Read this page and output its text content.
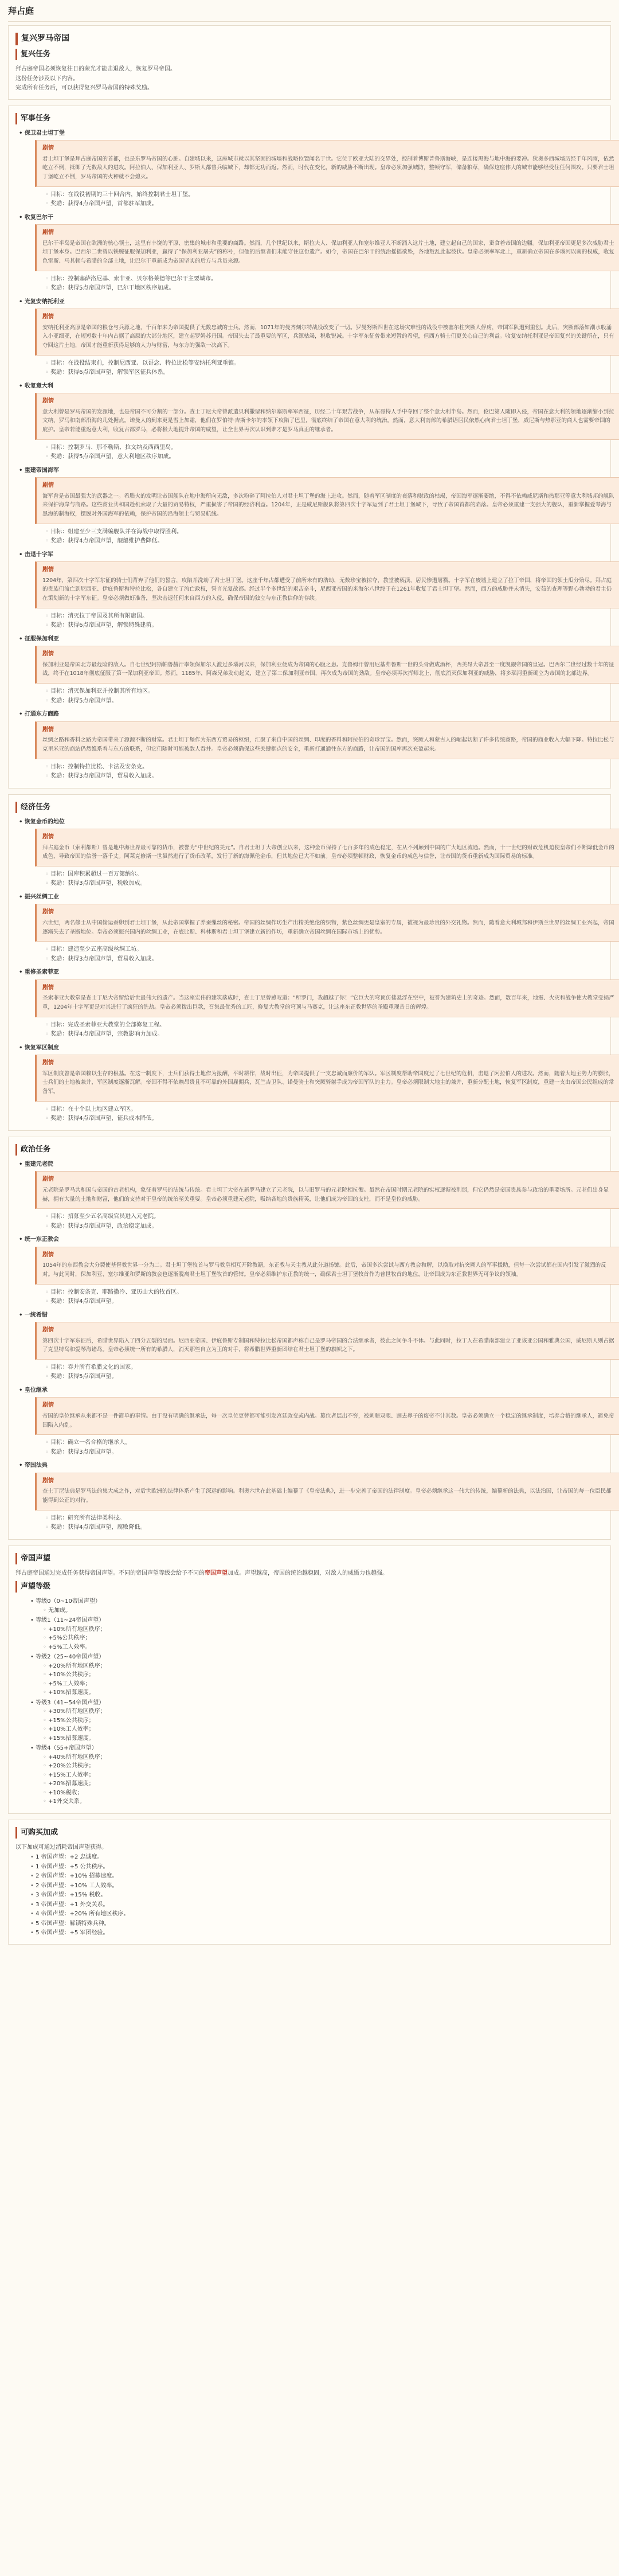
拜占庭
复兴罗马帝国
复兴任务

拜占庭帝国必须恢复往日的荣光才能击退敌人，恢复罗马帝国。

这份任务涉及以下内容。

完成所有任务后，可以获得复兴罗马帝国的特殊奖励。

军事任务
• 保卫君士坦丁堡
剧情
君士坦丁堡是拜占庭帝国的首都，也是东罗马帝国的心脏。自建城以来，这座城市就以其坚固的城墙和战略位置闻名于世。它位于欧亚大陆的交界处，控制着博斯普鲁斯海峡，是连接黑海与地中海的要冲。狄奥多西城墙历经千年风雨，依然屹立不倒，抵御了无数敌人的进攻。阿拉伯人、保加利亚人、罗斯人都曾兵临城下，却都无功而返。然而，时代在变化，新的威胁不断出现。皇帝必须加强城防，整顿守军，储备粮草，确保这座伟大的城市能够经受住任何围攻。只要君士坦丁堡屹立不倒，罗马帝国的火种就不会熄灭。
◦ 目标：在战役初期的三十回合内，始终控制君士坦丁堡。
◦ 奖励：获得4点帝国声望，首都驻军加成。
• 收复巴尔干
剧情
巴尔干半岛是帝国在欧洲的核心领土，这里有丰饶的平原、密集的城市和重要的商路。然而，几个世纪以来，斯拉夫人、保加利亚人和塞尔维亚人不断涌入这片土地，建立起自己的国家，蚕食着帝国的边疆。保加利亚帝国更是多次威胁君士坦丁堡本身。巴西尔二世曾以铁腕征服保加利亚，赢得了“保加利亚屠夫”的称号，但他的后继者们未能守住这份遗产。如今，帝国在巴尔干的统治摇摇欲坠，各地叛乱此起彼伏。皇帝必须率军北上，重新确立帝国在多瑙河以南的权威，收复色雷斯、马其顿与希腊的全部土地，让巴尔干重新成为帝国坚实的后方与兵员来源。
◦ 目标：控制塞萨洛尼基、索非亚、贝尔格莱德等巴尔干主要城市。
◦ 奖励：获得5点帝国声望，巴尔干地区秩序加成。
• 光复安纳托利亚
剧情
安纳托利亚高原是帝国的粮仓与兵源之地，千百年来为帝国提供了无数忠诚的士兵。然而，1071年的曼齐刻尔特战役改变了一切。罗曼努斯四世在这场灾难性的战役中被塞尔柱突厥人俘虏，帝国军队遭到重创。此后，突厥部落如潮水般涌入小亚细亚，在短短数十年内占据了高原的大部分地区，建立起罗姆苏丹国。帝国失去了最重要的军区，兵源枯竭，税收锐减。十字军东征曾带来短暂的希望，但西方骑士们更关心自己的利益。收复安纳托利亚是帝国复兴的关键所在，只有夺回这片土地，帝国才能重新获得足够的人力与财富，与东方的强敌一决高下。
◦ 目标：在战役结束前，控制尼西亚、以哥念、特拉比松等安纳托利亚重镇。
◦ 奖励：获得6点帝国声望，解锁军区征兵体系。
• 收复意大利
剧情
意大利曾是罗马帝国的发源地，也是帝国不可分割的一部分。查士丁尼大帝曾派遣贝利撒留和纳尔塞斯率军西征，历经二十年艰苦战争，从东哥特人手中夺回了整个意大利半岛。然而，伦巴第人随即入侵，帝国在意大利的领地逐渐缩小到拉文纳、罗马和南部沿海的几处据点。诺曼人的到来更是雪上加霜，他们在罗伯特·吉斯卡尔的率领下攻陷了巴里，彻底终结了帝国在意大利的统治。然而，意大利南部的希腊语居民依然心向君士坦丁堡，威尼斯与热那亚的商人也需要帝国的庇护。皇帝若能重返意大利，收复古都罗马，必将极大地提升帝国的威望，让全世界再次认识到谁才是罗马真正的继承者。
◦ 目标：控制罗马、那不勒斯、拉文纳及西西里岛。
◦ 奖励：获得5点帝国声望，意大利地区秩序加成。
• 重建帝国海军
剧情
海军曾是帝国最强大的武器之一。希腊火的发明让帝国舰队在地中海所向无敌，多次粉碎了阿拉伯人对君士坦丁堡的海上进攻。然而，随着军区制度的衰落和财政的枯竭，帝国海军逐渐萎缩，不得不依赖威尼斯和热那亚等意大利城邦的舰队来保护海岸与商路。这些商业共和国趁机索取了大量的贸易特权，严重损害了帝国的经济利益。1204年，正是威尼斯舰队将第四次十字军运到了君士坦丁堡城下，导致了帝国首都的陷落。皇帝必须重建一支强大的舰队，重新掌握爱琴海与黑海的制海权，摆脱对外国海军的依赖，保护帝国的沿海领土与贸易航线。
◦ 目标：组建至少三支满编舰队并在海战中取得胜利。
◦ 奖励：获得4点帝国声望，舰船维护费降低。
• 击退十字军
剧情
1204年，第四次十字军东征的骑士们背弃了他们的誓言，攻陷并洗劫了君士坦丁堡。这座千年古都遭受了前所未有的浩劫，无数珍宝被掠夺，教堂被亵渎，居民惨遭屠戮。十字军在废墟上建立了拉丁帝国，将帝国的领土瓜分殆尽。拜占庭的贵族们流亡到尼西亚、伊庇鲁斯和特拉比松，各自建立了流亡政权，誓言光复故都。经过半个多世纪的艰苦奋斗，尼西亚帝国的米海尔八世终于在1261年收复了君士坦丁堡。然而，西方的威胁并未消失，安茹的查理等野心勃勃的君主仍在策划新的十字军东征。皇帝必须做好准备，坚决击退任何来自西方的入侵，确保帝国的独立与东正教信仰的存续。
◦ 目标：消灭拉丁帝国及其所有附庸国。
◦ 奖励：获得6点帝国声望，解锁特殊建筑。
• 征服保加利亚
剧情
保加利亚是帝国北方最危险的敌人。自七世纪阿斯帕鲁赫汗率领保加尔人渡过多瑙河以来，保加利亚便成为帝国的心腹之患。克鲁姆汗曾用尼基弗鲁斯一世的头骨做成酒杯，西美昂大帝甚至一度觊觎帝国的皇冠。巴西尔二世经过数十年的征战，终于在1018年彻底征服了第一保加利亚帝国。然而，1185年，阿森兄弟发动起义，建立了第二保加利亚帝国，再次成为帝国的劲敌。皇帝必须再次挥师北上，彻底消灭保加利亚的威胁，将多瑙河重新确立为帝国的北部边界。
◦ 目标：消灭保加利亚并控制其所有地区。
◦ 奖励：获得5点帝国声望。
• 打通东方商路
剧情
丝绸之路和香料之路为帝国带来了源源不断的财富。君士坦丁堡作为东西方贸易的枢纽，汇聚了来自中国的丝绸、印度的香料和阿拉伯的奇珍异宝。然而，突厥人和蒙古人的崛起切断了许多传统商路，帝国的商业收入大幅下降。特拉比松与克里米亚的商站仍然维系着与东方的联系，但它们随时可能被敌人吞并。皇帝必须确保这些关键据点的安全，重新打通通往东方的商路，让帝国的国库再次充盈起来。
◦ 目标：控制特拉比松、卡法及安条克。
◦ 奖励：获得3点帝国声望，贸易收入加成。
经济任务
• 恢复金币的地位
剧情
拜占庭金币（索利都斯）曾是地中海世界最可靠的货币，被誉为“中世纪的美元”。自君士坦丁大帝创立以来，这种金币保持了七百多年的成色稳定，在从不列颠到中国的广大地区流通。然而，十一世纪的财政危机迫使皇帝们不断降低金币的成色，导致帝国的信誉一落千丈。阿莱克修斯一世虽然进行了货币改革，发行了新的海佩伦金币，但其地位已大不如前。皇帝必须整顿财政，恢复金币的成色与信誉，让帝国的货币重新成为国际贸易的标准。
◦ 目标：国库积累超过一百万第纳尔。
◦ 奖励：获得3点帝国声望，税收加成。
• 振兴丝绸工业
剧情
六世纪，两名修士从中国偷运蚕卵到君士坦丁堡，从此帝国掌握了养蚕缫丝的秘密。帝国的丝绸作坊生产出精美绝伦的织物，紫色丝绸更是皇室的专属，被视为最珍贵的外交礼物。然而，随着意大利城邦和伊斯兰世界的丝绸工业兴起，帝国逐渐失去了垄断地位。皇帝必须振兴国内的丝绸工业，在底比斯、科林斯和君士坦丁堡建立新的作坊，重新确立帝国丝绸在国际市场上的优势。
◦ 目标：建造至少五座高级丝绸工坊。
◦ 奖励：获得3点帝国声望，贸易收入加成。
• 重修圣索菲亚
剧情
圣索菲亚大教堂是查士丁尼大帝留给后世最伟大的遗产。当这座宏伟的建筑落成时，查士丁尼曾感叹道：“所罗门，我超越了你！”它巨大的穹顶仿佛悬浮在空中，被誉为建筑史上的奇迹。然而，数百年来，地震、火灾和战争使大教堂受损严重，1204年十字军更是对其进行了疯狂的洗劫。皇帝必须拨出巨款，召集最优秀的工匠，修复大教堂的穹顶与马赛克，让这座东正教世界的圣殿重现昔日的辉煌。
◦ 目标：完成圣索菲亚大教堂的全部修复工程。
◦ 奖励：获得4点帝国声望，宗教影响力加成。
• 恢复军区制度
剧情
军区制度曾是帝国赖以生存的根基。在这一制度下，士兵们获得土地作为报酬，平时耕作，战时出征，为帝国提供了一支忠诚而廉价的军队。军区制度帮助帝国度过了七世纪的危机，击退了阿拉伯人的进攻。然而，随着大地主势力的膨胀，士兵们的土地被兼并，军区制度逐渐瓦解。帝国不得不依赖昂贵且不可靠的外国雇佣兵，瓦兰吉卫队、诺曼骑士和突厥骑射手成为帝国军队的主力。皇帝必须限制大地主的兼并，重新分配土地，恢复军区制度，重建一支由帝国公民组成的常备军。
◦ 目标：在十个以上地区建立军区。
◦ 奖励：获得4点帝国声望，征兵成本降低。
政治任务
• 重建元老院
剧情
元老院是罗马共和国与帝国的古老机构，象征着罗马的法统与传统。君士坦丁大帝在新罗马建立了元老院，以与旧罗马的元老院相抗衡。虽然在帝国时期元老院的实权逐渐被削弱，但它仍然是帝国贵族参与政治的重要场所。元老们出身显赫，拥有大量的土地和财富，他们的支持对于皇帝的统治至关重要。皇帝必须重建元老院，吸纳各地的贵族精英，让他们成为帝国的支柱，而不是皇位的威胁。
◦ 目标：招募至少五名高级官员进入元老院。
◦ 奖励：获得3点帝国声望，政治稳定加成。
• 统一东正教会
剧情
1054年的东西教会大分裂使基督教世界一分为二。君士坦丁堡牧首与罗马教皇相互开除教籍，东正教与天主教从此分道扬镳。此后，帝国多次尝试与西方教会和解，以换取对抗突厥人的军事援助，但每一次尝试都在国内引发了激烈的反对。与此同时，保加利亚、塞尔维亚和罗斯的教会也逐渐脱离君士坦丁堡牧首的管辖。皇帝必须维护东正教的统一，确保君士坦丁堡牧首作为普世牧首的地位，让帝国成为东正教世界无可争议的领袖。
◦ 目标：控制安条克、耶路撒冷、亚历山大的牧首区。
◦ 奖励：获得4点帝国声望。
• 一统希腊
剧情
第四次十字军东征后，希腊世界陷入了四分五裂的局面。尼西亚帝国、伊庇鲁斯专制国和特拉比松帝国都声称自己是罗马帝国的合法继承者，彼此之间争斗不休。与此同时，拉丁人在希腊南部建立了亚该亚公国和雅典公国，威尼斯人则占据了克里特岛和爱琴海诸岛。皇帝必须统一所有的希腊人，消灭那些自立为王的对手，将希腊世界重新团结在君士坦丁堡的旗帜之下。
◦ 目标：吞并所有希腊文化的国家。
◦ 奖励：获得5点帝国声望。
• 皇位继承
剧情
帝国的皇位继承从来都不是一件简单的事情。由于没有明确的继承法，每一次皇位更替都可能引发宫廷政变或内战。篡位者层出不穷，被刺瞎双眼、割去鼻子的废帝不计其数。皇帝必须确立一个稳定的继承制度，培养合格的继承人，避免帝国陷入内乱。
◦ 目标：确立一名合格的继承人。
◦ 奖励：获得3点帝国声望。
• 帝国法典
剧情
查士丁尼法典是罗马法的集大成之作，对后世欧洲的法律体系产生了深远的影响。利奥六世在此基础上编纂了《皇帝法典》，进一步完善了帝国的法律制度。皇帝必须继承这一伟大的传统，编纂新的法典，以法治国，让帝国的每一位臣民都能得到公正的对待。
◦ 目标：研究所有法律类科技。
◦ 奖励：获得4点帝国声望，腐败降低。
帝国声望

拜占庭帝国通过完成任务获得帝国声望。不同的帝国声望等级会给予不同的帝国声望加成。声望越高，帝国的统治越稳固，对敌人的威慑力也越强。

声望等级
• 等级0（0~10帝国声望）
◦ 无加成。
• 等级1（11~24帝国声望）
◦ +10%所有地区秩序；
◦ +5%公共秩序；
◦ +5%工人效率。
• 等级2（25~40帝国声望）
◦ +20%所有地区秩序；
◦ +10%公共秩序；
◦ +5%工人效率；
◦ +10%招募速度。
• 等级3（41~54帝国声望）
◦ +30%所有地区秩序；
◦ +15%公共秩序；
◦ +10%工人效率；
◦ +15%招募速度。
• 等级4（55+帝国声望）
◦ +40%所有地区秩序；
◦ +20%公共秩序；
◦ +15%工人效率；
◦ +20%招募速度；
◦ +10%税收；
◦ +1外交关系。
可购买加成
以下加成可通过消耗帝国声望获得。
• 1 帝国声望：+2 忠诚度。
• 1 帝国声望：+5 公共秩序。
• 2 帝国声望：+10% 招募速度。
• 2 帝国声望：+10% 工人效率。
• 3 帝国声望：+15% 税收。
• 3 帝国声望：+1 外交关系。
• 4 帝国声望：+20% 所有地区秩序。
• 5 帝国声望：解锁特殊兵种。
• 5 帝国声望：+5 军团经验。
